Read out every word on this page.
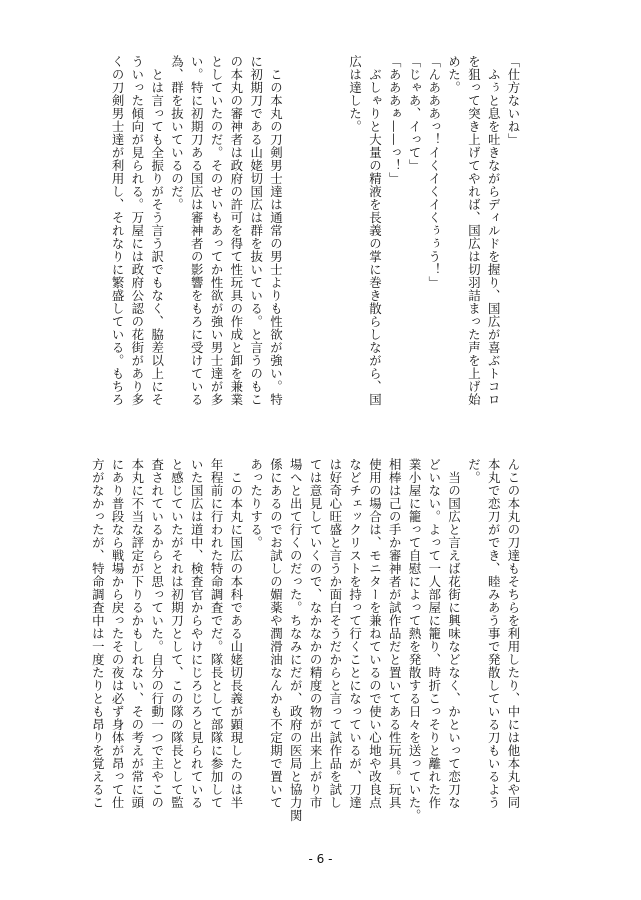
「仕方ないね」
　ふぅと息を吐きながらディルドを握り、国広が喜ぶトコロ
を狙って突き上げてやれば、国広は切羽詰まった声を上げ始
めた。
「んあああっ！イくイくイくぅぅう！」
「じゃあ、イって」
「あああぁ——っ！」
　ぶしゃりと大量の精液を長義の掌に巻き散らしながら、国
広は達した。
　この本丸の刀剣男士達は通常の男士よりも性欲が強い。特
に初期刀である山姥切国広は群を抜いている。と言うのもこ
の本丸の審神者は政府の許可を得て性玩具の作成と卸を兼業
としていたのだ。そのせいもあってか性欲が強い男士達が多
い。特に初期刀ある国広は審神者の影響をもろに受けている
為、群を抜いているのだ。
　とは言っても全振りがそう言う訳でもなく、脇差以上にそ
ういった傾向が見られる。万屋には政府公認の花街があり多
くの刀剣男士達が利用し、それなりに繁盛している。もちろ
んこの本丸の刀達もそちらを利用したり、中には他本丸や同
本丸で恋刀ができ、睦みあう事で発散している刀もいるよう
だ。
　当の国広と言えば花街に興味などなく、かといって恋刀な
どいない。よって一人部屋に籠り、時折こっそりと離れた作
業小屋に籠って自慰によって熱を発散する日々を送っていた。
相棒は己の手か審神者が試作品だと置いてある性玩具。玩具
使用の場合は、モニターを兼ねているので使い心地や改良点
などチェックリストを持って行くことになっているが、刀達
は好奇心旺盛と言うか面白そうだからと言って試作品を試し
ては意見していくので、なかなかの精度の物が出来上がり市
場へと出て行くのだった。ちなみにだが、政府の医局と協力関
係にあるのでお試しの媚薬や潤滑油なんかも不定期で置いて
あったりする。
　この本丸に国広の本科である山姥切長義が顕現したのは半
年程前に行われた特命調査でだ。隊長として部隊に参加して
いた国広は道中、検査官からやけにじろじろと見られている
と感じていたがそれは初期刀として、この隊の隊長として監
査されているからと思っていた。自分の行動一つで主やこの
本丸に不当な評定が下りるかもしれない、その考えが常に頭
にあり普段なら戦場から戻ったその夜は必ず身体が昂って仕
方がなかったが、特命調査中は一度たりとも昂りを覚えるこ
- 6 -
